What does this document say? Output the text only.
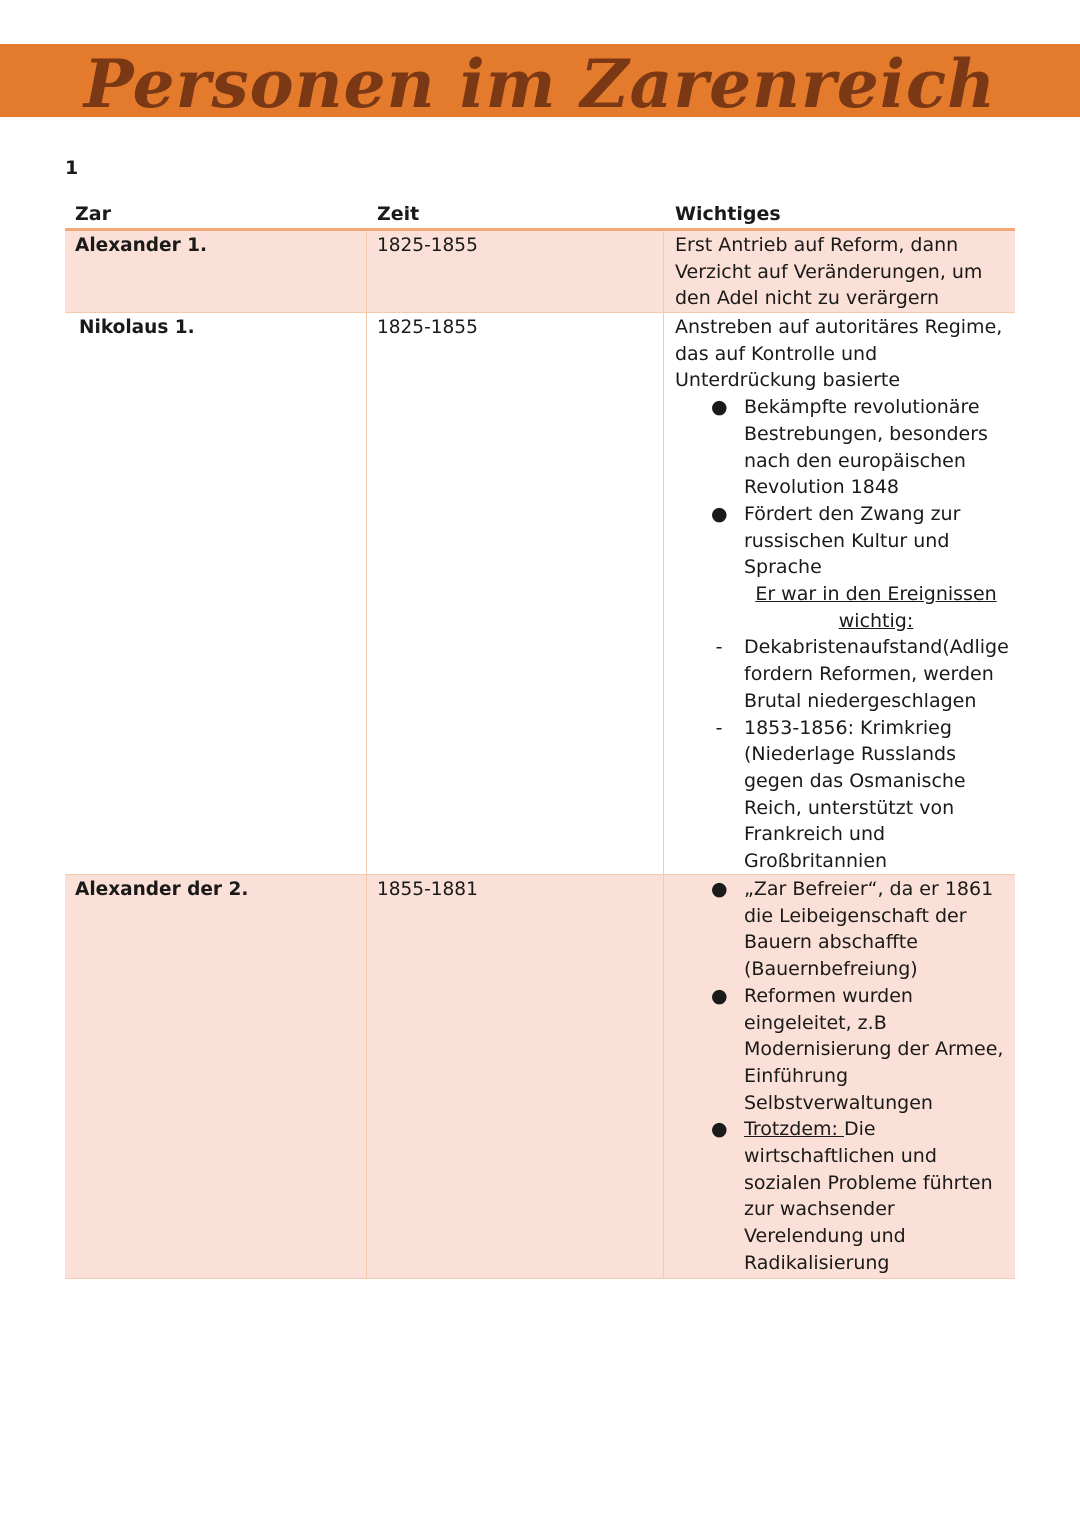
Personen im Zarenreich
1
Zar	Zeit	Wichtiges
Alexander 1.	1825-1855	Erst Antrieb auf Reform, dann Verzicht auf Veränderungen, um den Adel nicht zu verärgern

Nikolaus 1.	1825-1855	Anstreben auf autoritäres Regime, das auf Kontrolle und Unterdrückung basierte

● Bekämpfte revolutionäre Bestrebungen, besonders nach den europäischen Revolution 1848
● Fördert den Zwang zur russischen Kultur und Sprache

Er war in den Ereignissen wichtig:

- Dekabristenaufstand(Adlige fordern Reformen, werden Brutal niedergeschlagen
- 1853-1856: Krimkrieg (Niederlage Russlands gegen das Osmanische Reich, unterstützt von Frankreich und Großbritannien
Alexander der 2.	1855-1881	● „Zar Befreier“, da er 1861 die Leibeigenschaft der Bauern abschaffte (Bauernbefreiung)
● Reformen wurden eingeleitet, z.B Modernisierung der Armee, Einführung Selbstverwaltungen
● Trotzdem: Die wirtschaftlichen und sozialen Probleme führten zur wachsender Verelendung und Radikalisierung
